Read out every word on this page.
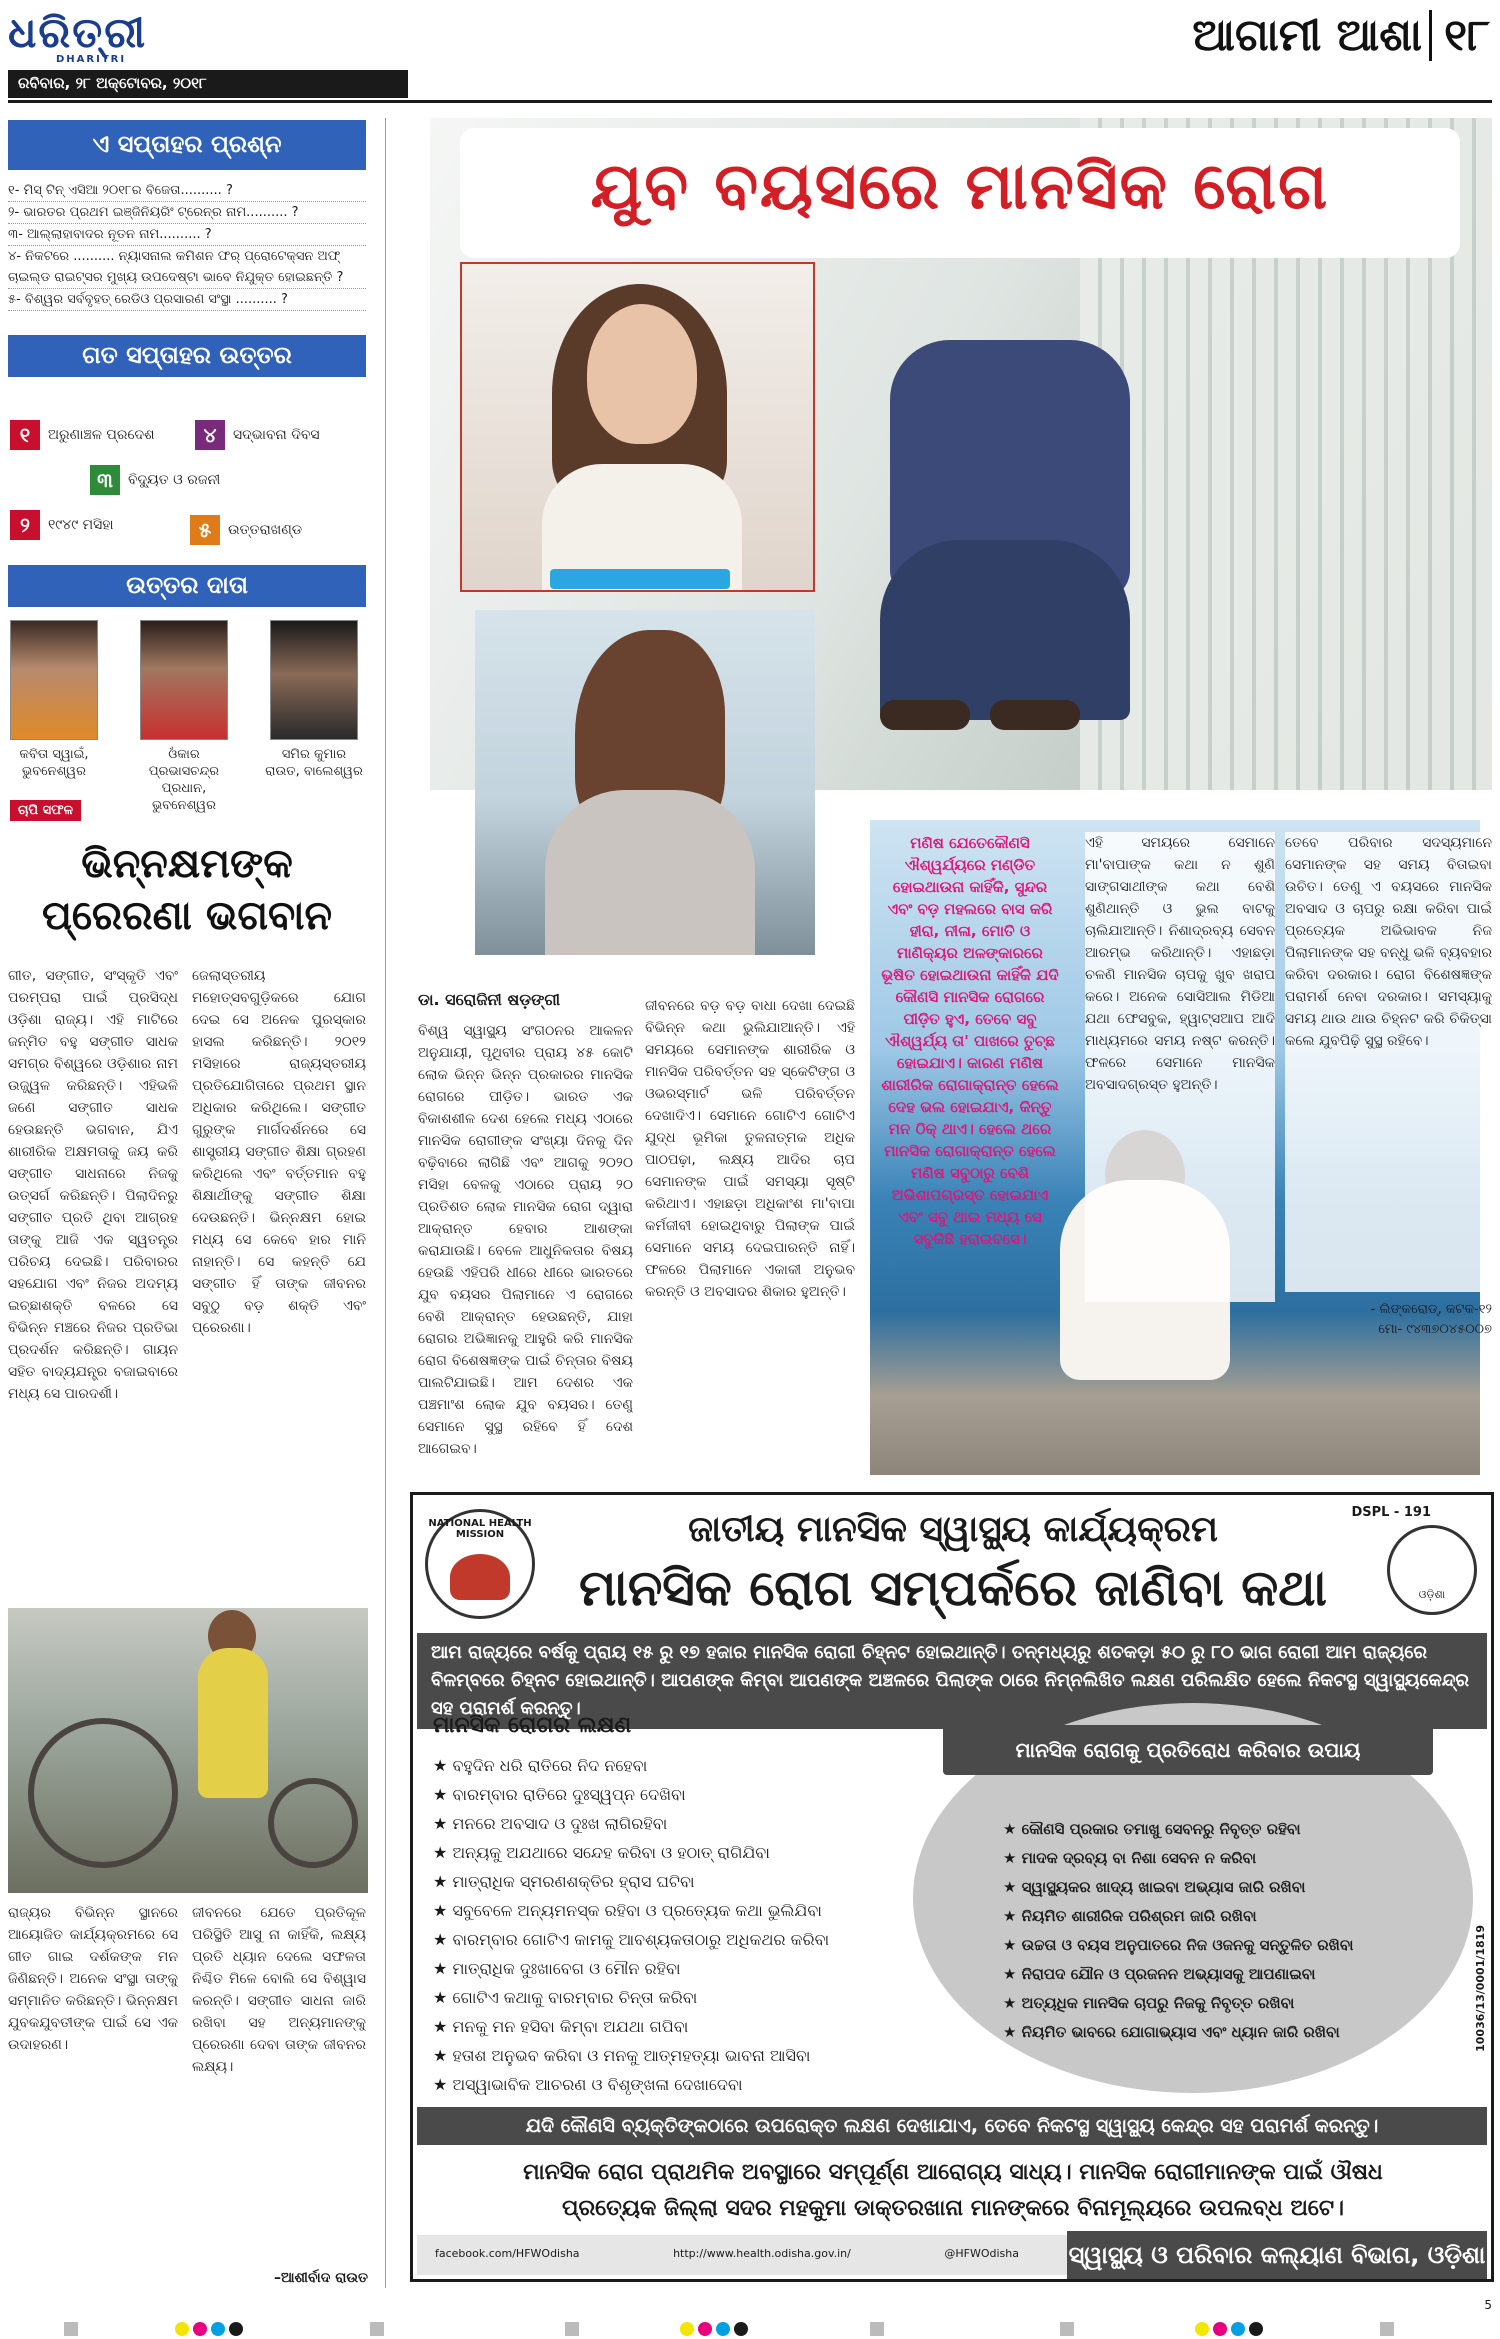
ଧରିତ୍ରୀ
DHARITRI
ରବିବାର, ୨୮ ଅକ୍ଟୋବର, ୨୦୧୮
ଆଗାମୀ ଆଶା ୧୮
ଏ ସପ୍ତାହର ପ୍ରଶ୍ନ
୧- ମିସ୍ ଟିନ୍ ଏସିଆ ୨୦୧୮ର ବିଜେତା.......... ?
୨- ଭାରତର ପ୍ରଥମ ଇଞ୍ଜିନିୟରିଂ ଟ୍ରେନ୍‌ର ନାମ.......... ?
୩- ଆଲ୍ଲାହାବାଦର ନୂତନ ନାମ.......... ?
୪- ନିକଟରେ .......... ନ୍ୟାସନାଲ କମିଶନ ଫର୍ ପ୍ରୋଟେକ୍ସନ ଅଫ୍ ଚାଇଲ୍ଡ ରାଇଟ୍ସର ମୁଖ୍ୟ ଉପଦେଷ୍ଟା ଭାବେ ନିଯୁକ୍ତ ହୋଇଛନ୍ତି ?
୫- ବିଶ୍ୱର ସର୍ବବୃହତ୍ ରେଡିଓ ପ୍ରସାରଣ ସଂସ୍ଥା .......... ?
ଗତ ସପ୍ତାହର ଉତ୍ତର
୧	ଅରୁଣାଞ୍ଚଳ ପ୍ରଦେଶ	୪	ସଦ୍‌ଭାବନା ଦିବସ
୩	ବିଦ୍ୟୁତ ଓ ରଜନୀ
୨	୧୯୪୯ ମସିହା	୫	ଉତ୍ତରାଖଣ୍ଡ
ଉତ୍ତର ଦାତା
କବିତା ସ୍ୱାଇଁ,
ଭୁବନେଶ୍ୱର
ଓଁକାର ପ୍ରଭାସଚନ୍ଦ୍ର
ପ୍ରଧାନ, ଭୁବନେଶ୍ୱର
ସମିର କୁମାର
ରାଉତ, ବାଲେଶ୍ୱର
ଚାପି ସଫଳ
ଭିନ୍ନକ୍ଷମଙ୍କ
ପ୍ରେରଣା ଭଗବାନ
ଗୀତ, ସଙ୍ଗୀତ, ସଂସ୍କୃତି ଏବଂ ପରମ୍ପରା ପାଇଁ ପ୍ରସିଦ୍ଧ ଓଡ଼ିଶା ରାଜ୍ୟ। ଏହି ମାଟିରେ ଜନ୍ମିତ ବହୁ ସଙ୍ଗୀତ ସାଧକ ସମଗ୍ର ବିଶ୍ୱରେ ଓଡ଼ିଶାର ନାମ ଉଜ୍ଜ୍ୱଳ କରିଛନ୍ତି। ଏହିଭଳି ଜଣେ ସଙ୍ଗୀତ ସାଧକ ହେଉଛନ୍ତି ଭଗବାନ, ଯିଏ ଶାରୀରିକ ଅକ୍ଷମତାକୁ ଜୟ କରି ସଙ୍ଗୀତ ସାଧନାରେ ନିଜକୁ ଉତ୍ସର୍ଗ କରିଛନ୍ତି। ପିଲାଦିନରୁ ସଙ୍ଗୀତ ପ୍ରତି ଥିବା ଆଗ୍ରହ ତାଙ୍କୁ ଆଜି ଏକ ସ୍ୱତନ୍ତ୍ର ପରିଚୟ ଦେଇଛି। ପରିବାରର ସହଯୋଗ ଏବଂ ନିଜର ଅଦମ୍ୟ ଇଚ୍ଛାଶକ୍ତି ବଳରେ ସେ ବିଭିନ୍ନ ମଞ୍ଚରେ ନିଜର ପ୍ରତିଭା ପ୍ରଦର୍ଶନ କରିଛନ୍ତି। ଗାୟନ ସହିତ ବାଦ୍ୟଯନ୍ତ୍ର ବଜାଇବାରେ ମଧ୍ୟ ସେ ପାରଦର୍ଶୀ।
ଜେଲାସ୍ତରୀୟ ମହୋତ୍ସବଗୁଡ଼ିକରେ ଯୋଗ ଦେଇ ସେ ଅନେକ ପୁରସ୍କାର ହାସଲ କରିଛନ୍ତି। ୨୦୧୨ ମସିହାରେ ରାଜ୍ୟସ୍ତରୀୟ ପ୍ରତିଯୋଗିତାରେ ପ୍ରଥମ ସ୍ଥାନ ଅଧିକାର କରିଥିଲେ। ସଙ୍ଗୀତ ଗୁରୁଙ୍କ ମାର୍ଗଦର୍ଶନରେ ସେ ଶାସ୍ତ୍ରୀୟ ସଙ୍ଗୀତ ଶିକ୍ଷା ଗ୍ରହଣ କରିଥିଲେ ଏବଂ ବର୍ତ୍ତମାନ ବହୁ ଶିକ୍ଷାର୍ଥୀଙ୍କୁ ସଙ୍ଗୀତ ଶିକ୍ଷା ଦେଉଛନ୍ତି। ଭିନ୍ନକ୍ଷମ ହୋଇ ମଧ୍ୟ ସେ କେବେ ହାର ମାନି ନାହାନ୍ତି। ସେ କହନ୍ତି ଯେ ସଙ୍ଗୀତ ହିଁ ତାଙ୍କ ଜୀବନର ସବୁଠୁ ବଡ଼ ଶକ୍ତି ଏବଂ ପ୍ରେରଣା।
ରାଜ୍ୟର ବିଭିନ୍ନ ସ୍ଥାନରେ ଆୟୋଜିତ କାର୍ଯ୍ୟକ୍ରମରେ ସେ ଗୀତ ଗାଇ ଦର୍ଶକଙ୍କ ମନ ଜିଣିଛନ୍ତି। ଅନେକ ସଂସ୍ଥା ତାଙ୍କୁ ସମ୍ମାନିତ କରିଛନ୍ତି। ଭିନ୍ନକ୍ଷମ ଯୁବକଯୁବତୀଙ୍କ ପାଇଁ ସେ ଏକ ଉଦାହରଣ।
ଜୀବନରେ ଯେତେ ପ୍ରତିକୂଳ ପରିସ୍ଥିତି ଆସୁ ନା କାହିଁକି, ଲକ୍ଷ୍ୟ ପ୍ରତି ଧ୍ୟାନ ଦେଲେ ସଫଳତା ନିଶ୍ଚିତ ମିଳେ ବୋଲି ସେ ବିଶ୍ୱାସ କରନ୍ତି। ସଙ୍ଗୀତ ସାଧନା ଜାରି ରଖିବା ସହ ଅନ୍ୟମାନଙ୍କୁ ପ୍ରେରଣା ଦେବା ତାଙ୍କ ଜୀବନର ଲକ୍ଷ୍ୟ।
–ଆଶୀର୍ବାଦ ରାଉତ
ଯୁବ ବୟସରେ ମାନସିକ ରୋଗ
ଡା. ସରୋଜିନୀ ଷଡ଼ଙ୍ଗୀ
ବିଶ୍ୱ ସ୍ୱାସ୍ଥ୍ୟ ସଂଗଠନର ଆକଳନ ଅନୁଯାୟୀ, ପୃଥିବୀର ପ୍ରାୟ ୪୫ କୋଟି ଲୋକ ଭିନ୍ନ ଭିନ୍ନ ପ୍ରକାରର ମାନସିକ ରୋଗରେ ପୀଡ଼ିତ। ଭାରତ ଏକ ବିକାଶଶୀଳ ଦେଶ ହେଲେ ମଧ୍ୟ ଏଠାରେ ମାନସିକ ରୋଗୀଙ୍କ ସଂଖ୍ୟା ଦିନକୁ ଦିନ ବଢ଼ିବାରେ ଲାଗିଛି ଏବଂ ଆଗକୁ ୨୦୨୦ ମସିହା ବେଳକୁ ଏଠାରେ ପ୍ରାୟ ୨୦ ପ୍ରତିଶତ ଲୋକ ମାନସିକ ରୋଗ ଦ୍ୱାରା ଆକ୍ରାନ୍ତ ହେବାର ଆଶଙ୍କା କରାଯାଉଛି। ବେଳେ ଆଧୁନିକତାର ବିଷୟ ହେଉଛି ଏହିପରି ଧୀରେ ଧୀରେ ଭାରତରେ ଯୁବ ବୟସର ପିଲାମାନେ ଏ ରୋଗରେ ବେଶି ଆକ୍ରାନ୍ତ ହେଉଛନ୍ତି, ଯାହା ରୋଗର ଅଭିଜ୍ଞାନକୁ ଆହୁରି କରି ମାନସିକ ରୋଗ ବିଶେଷଜ୍ଞଙ୍କ ପାଇଁ ଚିନ୍ତାର ବିଷୟ ପାଲଟିଯାଇଛି। ଆମ ଦେଶର ଏକ ପଞ୍ଚମାଂଶ ଲୋକ ଯୁବ ବୟସର। ତେଣୁ ସେମାନେ ସୁସ୍ଥ ରହିବେ ହିଁ ଦେଶ ଆଗେଇବ।
ଜୀବନରେ ବଡ଼ ବଡ଼ ବାଧା ଦେଖା ଦେଇଛି ବିଭିନ୍ନ କଥା ଭୁଲିଯାଆନ୍ତି। ଏହି ସମୟରେ ସେମାନଙ୍କ ଶାରୀରିକ ଓ ମାନସିକ ପରିବର୍ତ୍ତନ ସହ ସ୍କେଟିଙ୍ଗ ଓ ଓଭରସ୍ମାର୍ଟ ଭଳି ପରିବର୍ତ୍ତନ ଦେଖାଦିଏ। ସେମାନେ ଗୋଟିଏ ଗୋଟିଏ ଯୁଦ୍ଧ ଭୂମିକା ତୁଳନାତ୍ମକ ଅଧିକ ପାଠପଢ଼ା, ଲକ୍ଷ୍ୟ ଆଦିର ଚାପ ସେମାନଙ୍କ ପାଇଁ ସମସ୍ୟା ସୃଷ୍ଟି କରିଥାଏ। ଏହାଛଡ଼ା ଅଧିକାଂଶ ମା'ବାପା କର୍ମଜୀବୀ ହୋଇଥିବାରୁ ପିଲାଙ୍କ ପାଇଁ ସେମାନେ ସମୟ ଦେଇପାରନ୍ତି ନାହିଁ। ଫଳରେ ପିଲାମାନେ ଏକାକୀ ଅନୁଭବ କରନ୍ତି ଓ ଅବସାଦର ଶିକାର ହୁଅନ୍ତି।
ମଣିଷ ଯେତେକୌଣସି ଐଶ୍ୱର୍ଯ୍ୟରେ ମଣ୍ଡିତ ହୋଇଥାଉନା କାହିଁକି, ସୁନ୍ଦର ଏବଂ ବଡ଼ ମହଲରେ ବାସ କରି ହୀରା, ନୀଳା, ମୋତି ଓ ମାଣିକ୍ୟର ଅଳଙ୍କାରରେ ଭୂଷିତ ହୋଇଥାଉନା କାହିଁକି ଯଦି କୌଣସି ମାନସିକ ରୋଗରେ ପୀଡ଼ିତ ହୁଏ, ତେବେ ସବୁ ଐଶ୍ୱର୍ଯ୍ୟ ତା' ପାଖରେ ତୁଚ୍ଛ ହୋଇଯାଏ। କାରଣ ମଣିଷ ଶାରୀରିକ ରୋଗାକ୍ରାନ୍ତ ହେଲେ ଦେହ ଭଲ ହୋଇଯାଏ, କିନ୍ତୁ ମନ ଠିକ୍ ଥାଏ। ହେଲେ ଥରେ ମାନସିକ ରୋଗାକ୍ରାନ୍ତ ହେଲେ ମଣିଷ ସବୁଠାରୁ ବେଶି ଅଭିଶାପଗ୍ରସ୍ତ ହୋଇଯାଏ ଏବଂ ସବୁ ଥାଇ ମଧ୍ୟ ସେ ସବୁକିଛି ହରାଇବସେ।
ଏହି ସମୟରେ ସେମାନେ ମା'ବାପାଙ୍କ କଥା ନ ଶୁଣି ସାଙ୍ଗସାଥୀଙ୍କ କଥା ବେଶି ଶୁଣିଥାନ୍ତି ଓ ଭୁଲ ବାଟକୁ ଚାଲିଯାଆନ୍ତି। ନିଶାଦ୍ରବ୍ୟ ସେବନ ଆରମ୍ଭ କରିଥାନ୍ତି। ଏହାଛଡ଼ା ଚଳଣି ମାନସିକ ଚାପକୁ ଖୁବ ଖରାପ କରେ। ଅନେକ ସୋସିଆଲ ମିଡିଆ ଯଥା ଫେସବୁକ, ହ୍ୱାଟ୍ସଆପ ଆଦି ମାଧ୍ୟମରେ ସମୟ ନଷ୍ଟ କରନ୍ତି। ଫଳରେ ସେମାନେ ମାନସିକ ଅବସାଦଗ୍ରସ୍ତ ହୁଅନ୍ତି।
ତେବେ ପରିବାର ସଦସ୍ୟମାନେ ସେମାନଙ୍କ ସହ ସମୟ ବିତାଇବା ଉଚିତ। ତେଣୁ ଏ ବୟସରେ ମାନସିକ ଅବସାଦ ଓ ଚାପରୁ ରକ୍ଷା କରିବା ପାଇଁ ପ୍ରତ୍ୟେକ ଅଭିଭାବକ ନିଜ ପିଲାମାନଙ୍କ ସହ ବନ୍ଧୁ ଭଳି ବ୍ୟବହାର କରିବା ଦରକାର। ରୋଗ ବିଶେଷଜ୍ଞଙ୍କ ପରାମର୍ଶ ନେବା ଦରକାର। ସମସ୍ୟାକୁ ସମୟ ଥାଉ ଥାଉ ଚିହ୍ନଟ କରି ଚିକିତ୍ସା କଲେ ଯୁବପିଢ଼ି ସୁସ୍ଥ ରହିବେ।
- ଲିଙ୍କରୋଡ୍, କଟକ-୧୨
ମୋ- ୯୪୩୭୦୪୫୦୦୭
DSPL - 191
NATIONAL HEALTH MISSION
ଓଡ଼ିଶା
ଜାତୀୟ ମାନସିକ ସ୍ୱାସ୍ଥ୍ୟ କାର୍ଯ୍ୟକ୍ରମ
ମାନସିକ ରୋଗ ସମ୍ପର୍କରେ ଜାଣିବା କଥା
ଆମ ରାଜ୍ୟରେ ବର୍ଷକୁ ପ୍ରାୟ ୧୫ ରୁ ୧୭ ହଜାର ମାନସିକ ରୋଗୀ ଚିହ୍ନଟ ହୋଇଥାନ୍ତି। ତନ୍ମଧ୍ୟରୁ ଶତକଡ଼ା ୫୦ ରୁ ୮୦ ଭାଗ ରୋଗୀ ଆମ ରାଜ୍ୟରେ ବିଳମ୍ବରେ ଚିହ୍ନଟ ହୋଇଥାନ୍ତି। ଆପଣଙ୍କ କିମ୍ବା ଆପଣଙ୍କ ଅଞ୍ଚଳରେ ପିଲାଙ୍କ ଠାରେ ନିମ୍ନଲିଖିତ ଲକ୍ଷଣ ପରିଲକ୍ଷିତ ହେଲେ ନିକଟସ୍ଥ ସ୍ୱାସ୍ଥ୍ୟକେନ୍ଦ୍ର ସହ ପରାମର୍ଶ କରନ୍ତୁ।
ମାନସିକ ରୋଗର ଲକ୍ଷଣ
★ ବହୁଦିନ ଧରି ରାତିରେ ନିଦ ନହେବା
★ ବାରମ୍ବାର ରାତିରେ ଦୁଃସ୍ୱପ୍ନ ଦେଖିବା
★ ମନରେ ଅବସାଦ ଓ ଦୁଃଖ ଲାଗିରହିବା
★ ଅନ୍ୟକୁ ଅଯଥାରେ ସନ୍ଦେହ କରିବା ଓ ହଠାତ୍ ରାଗିଯିବା
★ ମାତ୍ରାଧିକ ସ୍ମରଣଶକ୍ତିର ହ୍ରାସ ଘଟିବା
★ ସବୁବେଳେ ଅନ୍ୟମନସ୍କ ରହିବା ଓ ପ୍ରତ୍ୟେକ କଥା ଭୁଲିଯିବା
★ ବାରମ୍ବାର ଗୋଟିଏ କାମକୁ ଆବଶ୍ୟକତାଠାରୁ ଅଧିକଥର କରିବା
★ ମାତ୍ରାଧିକ ଦୁଃଖାବେଗ ଓ ମୌନ ରହିବା
★ ଗୋଟିଏ କଥାକୁ ବାରମ୍ବାର ଚିନ୍ତା କରିବା
★ ମନକୁ ମନ ହସିବା କିମ୍ବା ଅଯଥା ଗପିବା
★ ହତାଶ ଅନୁଭବ କରିବା ଓ ମନକୁ ଆତ୍ମହତ୍ୟା ଭାବନା ଆସିବା
★ ଅସ୍ୱାଭାବିକ ଆଚରଣ ଓ ବିଶୃଙ୍ଖଳା ଦେଖାଦେବା
ମାନସିକ ରୋଗକୁ ପ୍ରତିରୋଧ କରିବାର ଉପାୟ
★ କୌଣସି ପ୍ରକାର ତମାଖୁ ସେବନରୁ ନିବୃତ୍ତ ରହିବା
★ ମାଦକ ଦ୍ରବ୍ୟ ବା ନିଶା ସେବନ ନ କରିବା
★ ସ୍ୱାସ୍ଥ୍ୟକର ଖାଦ୍ୟ ଖାଇବା ଅଭ୍ୟାସ ଜାରି ରଖିବା
★ ନିୟମିତ ଶାରୀରିକ ପରିଶ୍ରମ ଜାରି ରଖିବା
★ ଉଚ୍ଚତା ଓ ବୟସ ଅନୁପାତରେ ନିଜ ଓଜନକୁ ସନ୍ତୁଳିତ ରଖିବା
★ ନିରାପଦ ଯୌନ ଓ ପ୍ରଜନନ ଅଭ୍ୟାସକୁ ଆପଣାଇବା
★ ଅତ୍ୟଧିକ ମାନସିକ ଚାପରୁ ନିଜକୁ ନିବୃତ୍ତ ରଖିବା
★ ନିୟମିତ ଭାବରେ ଯୋଗାଭ୍ୟାସ ଏବଂ ଧ୍ୟାନ ଜାରି ରଖିବା	10036/13/0001/1819
ଯଦି କୌଣସି ବ୍ୟକ୍ତିଙ୍କଠାରେ ଉପରୋକ୍ତ ଲକ୍ଷଣ ଦେଖାଯାଏ, ତେବେ ନିକଟସ୍ଥ ସ୍ୱାସ୍ଥ୍ୟ କେନ୍ଦ୍ର ସହ ପରାମର୍ଶ କରନ୍ତୁ।
ମାନସିକ ରୋଗ ପ୍ରାଥମିକ ଅବସ୍ଥାରେ ସମ୍ପୂର୍ଣ୍ଣ ଆରୋଗ୍ୟ ସାଧ୍ୟ। ମାନସିକ ରୋଗୀମାନଙ୍କ ପାଇଁ ଔଷଧ
ପ୍ରତ୍ୟେକ ଜିଲ୍ଲା ସଦର ମହକୁମା ଡାକ୍ତରଖାନା ମାନଙ୍କରେ ବିନାମୂଲ୍ୟରେ ଉପଲବ୍ଧ ଅଟେ।
facebook.com/HFWOdisha	http://www.health.odisha.gov.in/	@HFWOdisha	ସ୍ୱାସ୍ଥ୍ୟ ଓ ପରିବାର କଲ୍ୟାଣ ବିଭାଗ, ଓଡ଼ିଶା
5
